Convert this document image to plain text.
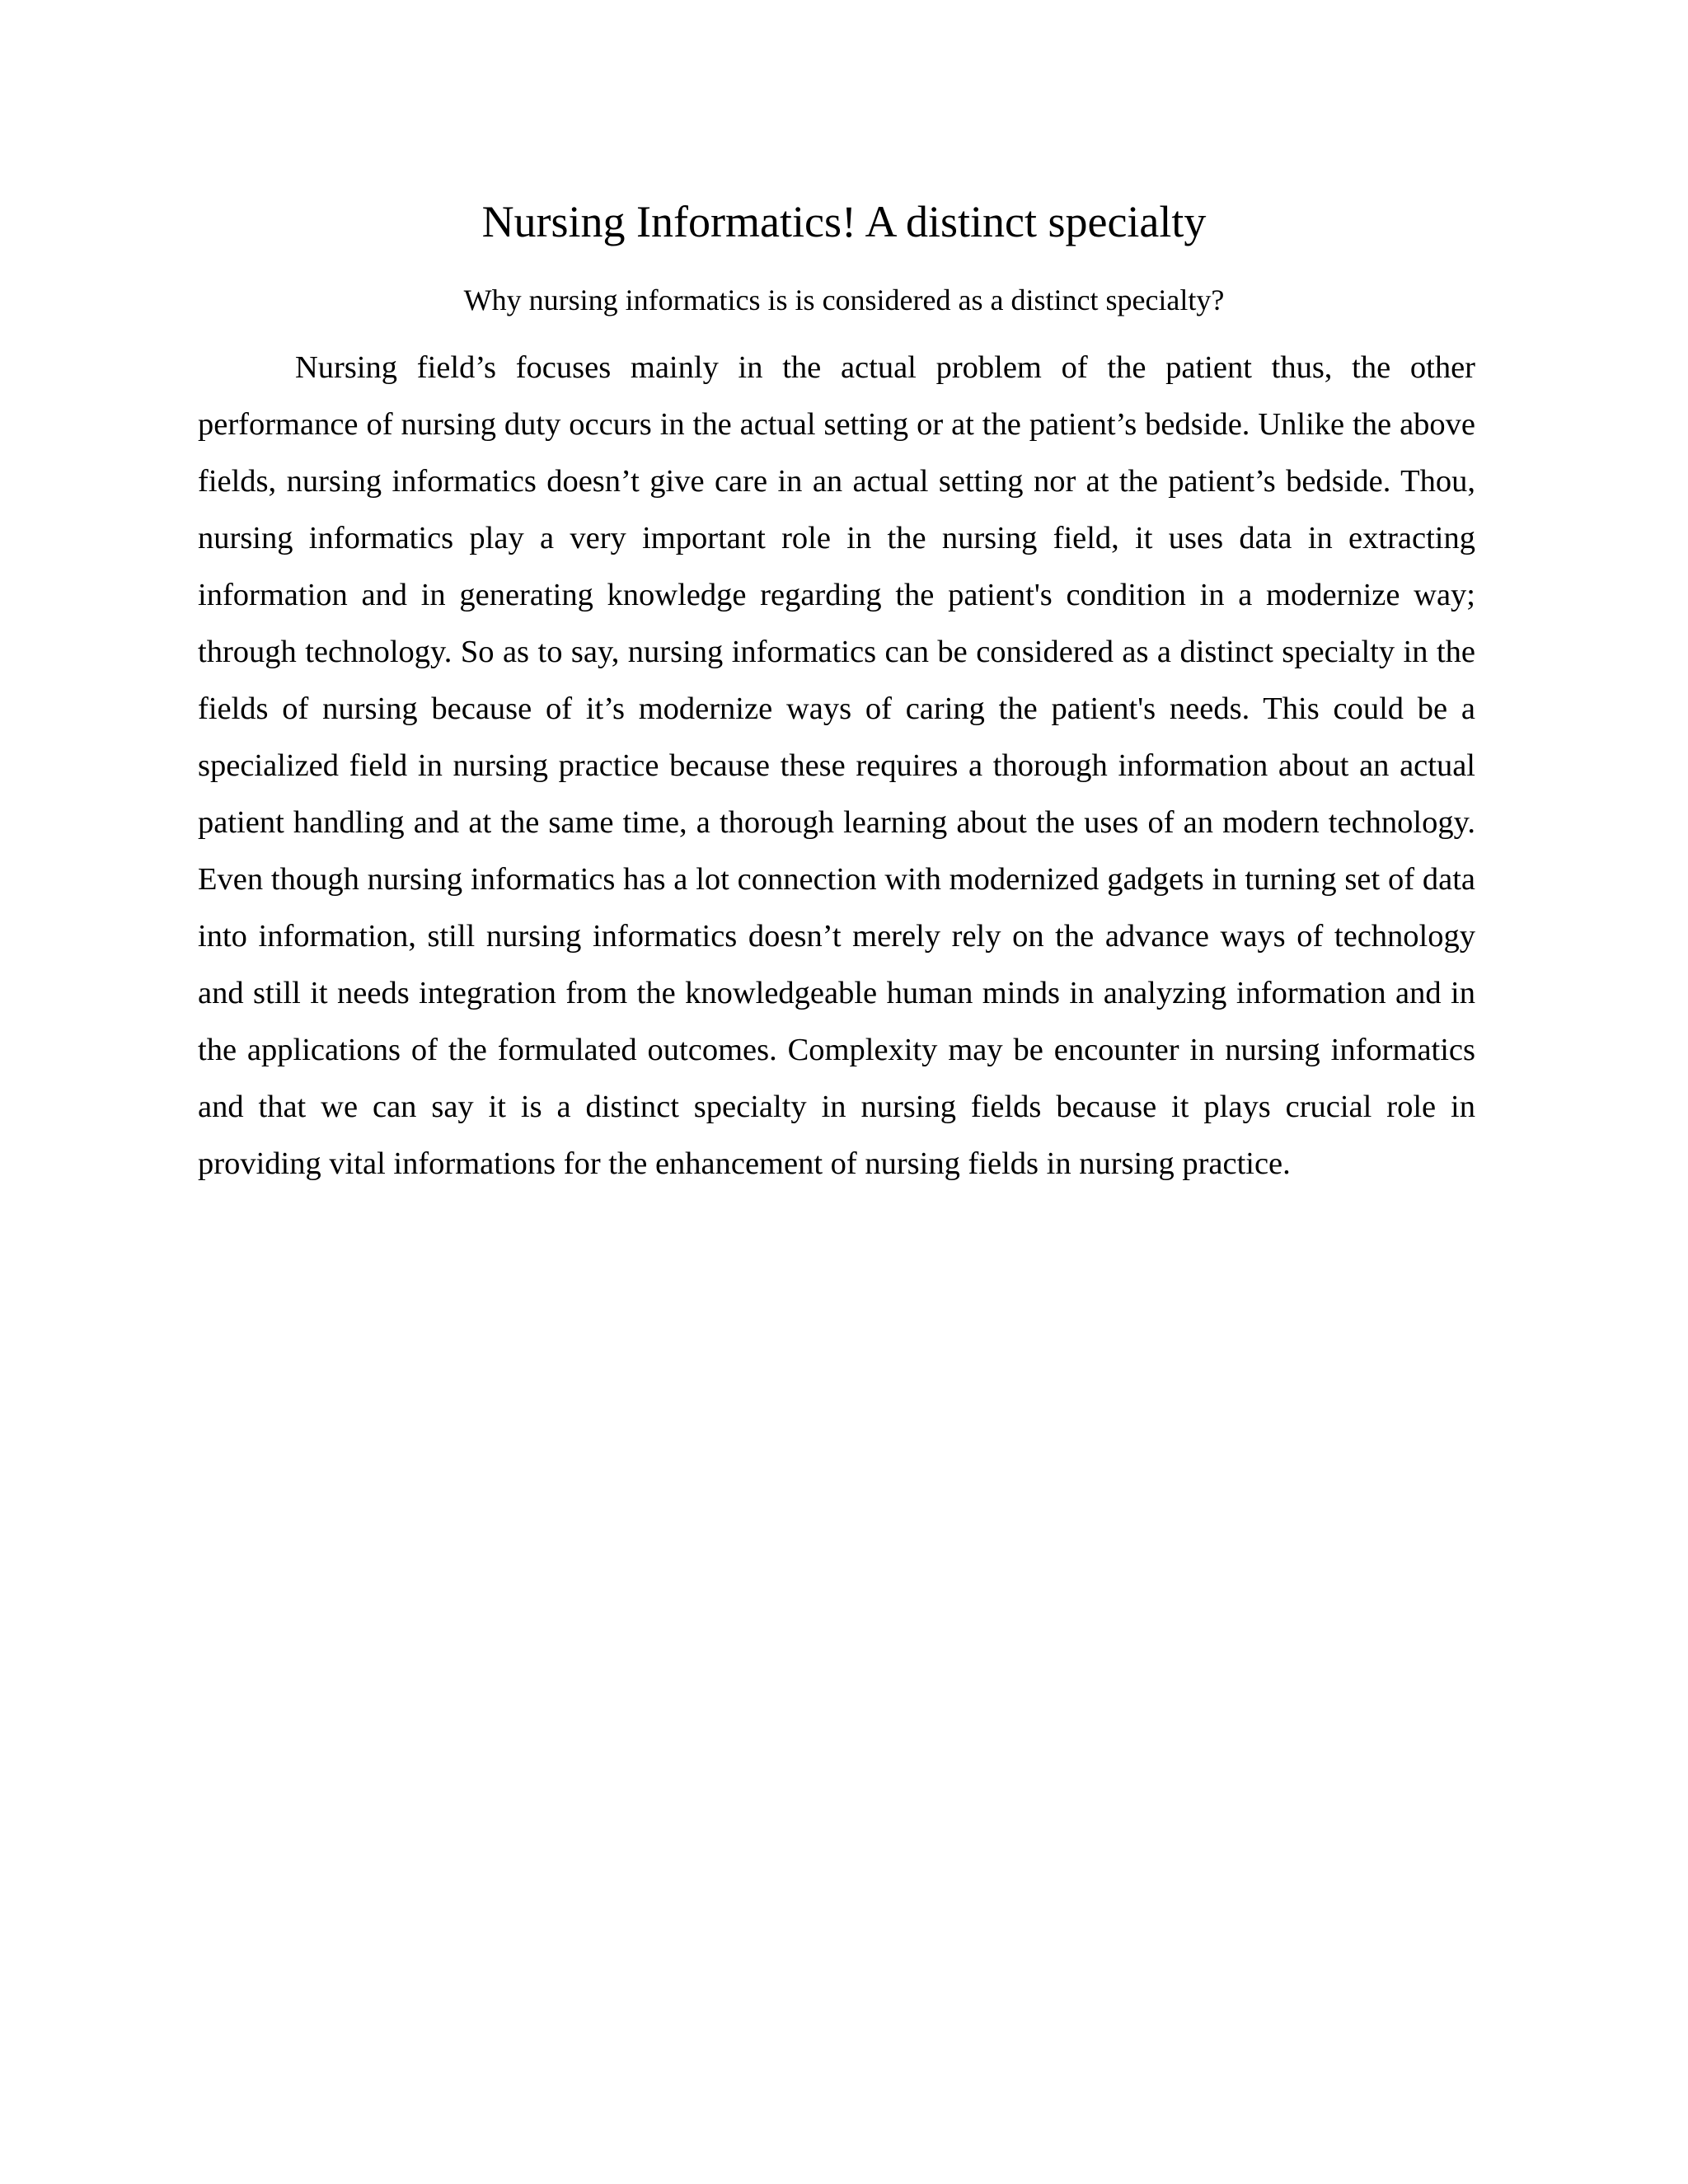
Nursing Informatics! A distinct specialty

Why nursing informatics is is considered as a distinct specialty?

Nursing field’s focuses mainly in the actual problem of the patient thus, the other performance of nursing duty occurs in the actual setting or at the patient’s bedside. Unlike the above fields, nursing informatics doesn’t give care in an actual setting nor at the patient’s bedside. Thou, nursing informatics play a very important role in the nursing field, it uses data in extracting information and in generating knowledge regarding the patient's condition in a modernize way; through technology. So as to say, nursing informatics can be considered as a distinct specialty in the fields of nursing because of it’s modernize ways of caring the patient's needs. This could be a specialized field in nursing practice because these requires a thorough information about an actual patient handling and at the same time, a thorough learning about the uses of an modern technology. Even though nursing informatics has a lot connection with modernized gadgets in turning set of data into information, still nursing informatics doesn’t merely rely on the advance ways of technology and still it needs integration from the knowledgeable human minds in analyzing information and in the applications of the formulated outcomes. Complexity may be encounter in nursing informatics and that we can say it is a distinct specialty in nursing fields because it plays crucial role in providing vital informations for the enhancement of nursing fields in nursing practice.
